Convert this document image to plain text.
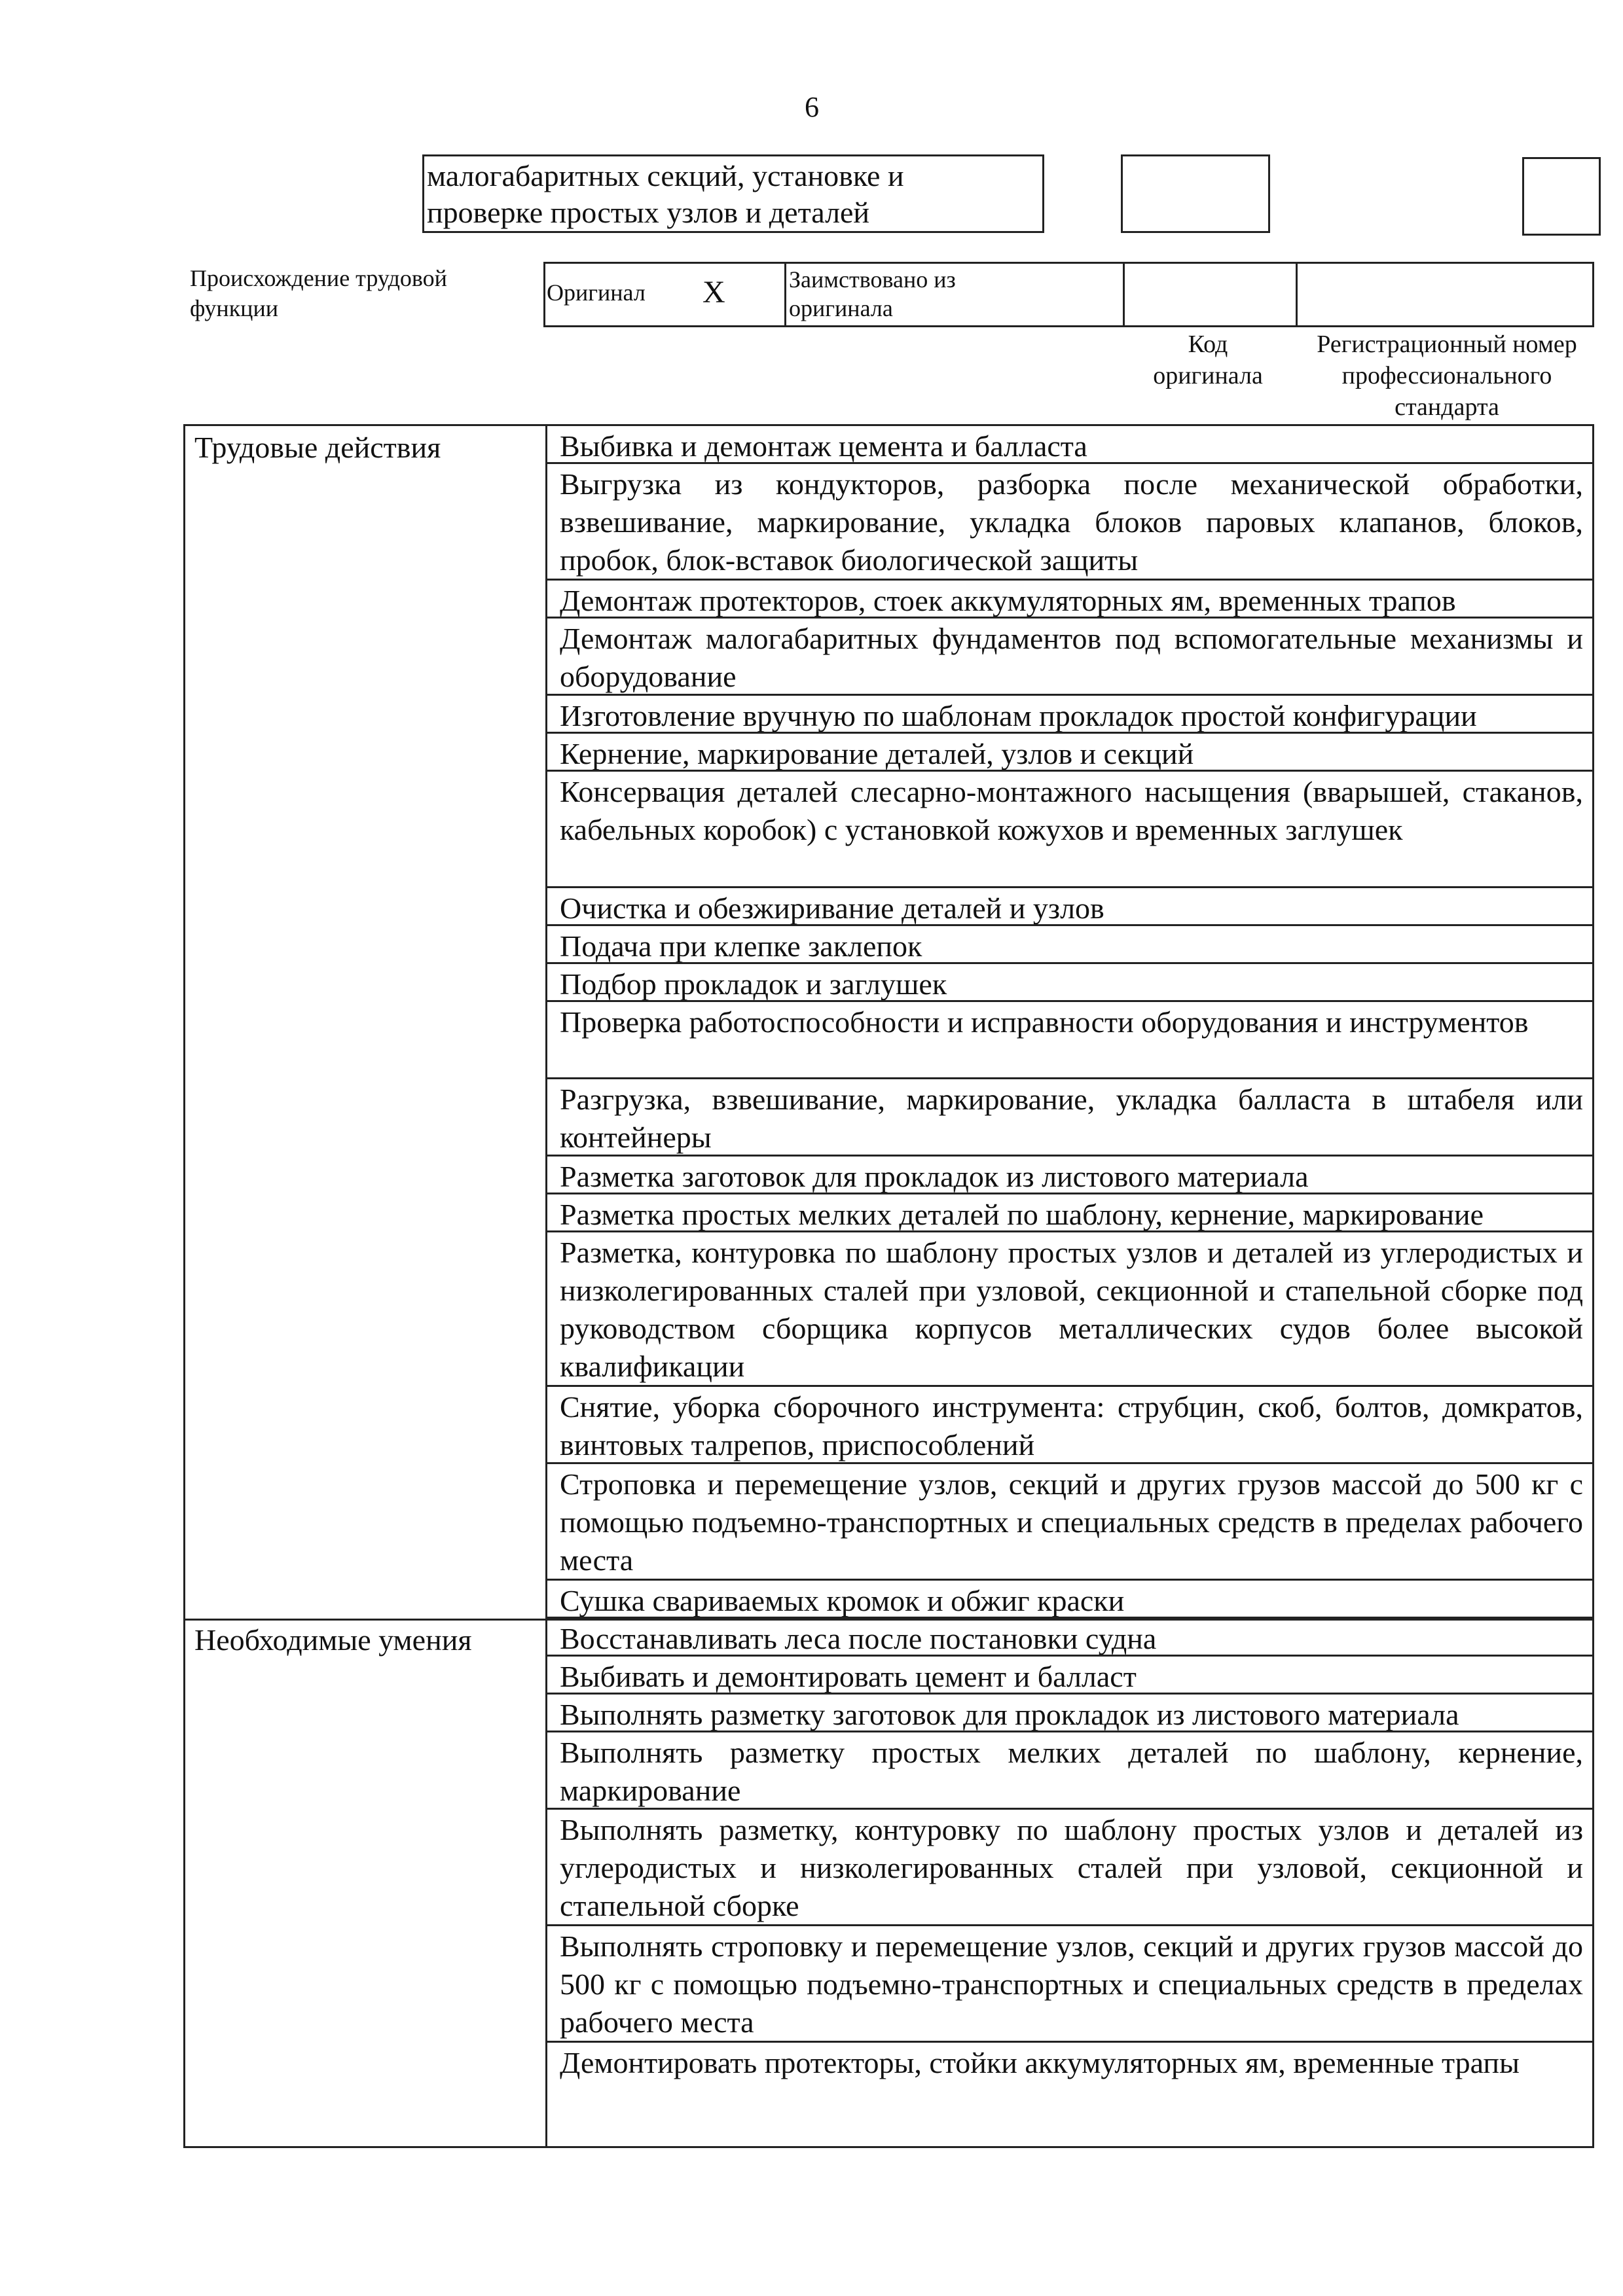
6
малогабаритных секций, установке и
проверке простых узлов и деталей
Происхождение трудовой
функции
Оригинал X	Заимствовано из
оригинала
Код
оригинала
Регистрационный номер
профессионального
стандарта
Трудовые действия	Выбивка и демонтаж цемента и балласта
Выгрузка из кондукторов, разборка после механической обработки, взвешивание, маркирование, укладка блоков паровых клапанов, блоков, пробок, блок-вставок биологической защиты
Демонтаж протекторов, стоек аккумуляторных ям, временных трапов
Демонтаж малогабаритных фундаментов под вспомогательные механизмы и оборудование
Изготовление вручную по шаблонам прокладок простой конфигурации
Кернение, маркирование деталей, узлов и секций
Консервация деталей слесарно-монтажного насыщения (вварышей, стаканов, кабельных коробок) с установкой кожухов и временных заглушек
Очистка и обезжиривание деталей и узлов
Подача при клепке заклепок
Подбор прокладок и заглушек
Проверка работоспособности и исправности оборудования и инструментов
Разгрузка, взвешивание, маркирование, укладка балласта в штабеля или контейнеры
Разметка заготовок для прокладок из листового материала
Разметка простых мелких деталей по шаблону, кернение, маркирование
Разметка, контуровка по шаблону простых узлов и деталей из углеродистых и низколегированных сталей при узловой, секционной и стапельной сборке под руководством сборщика корпусов металлических судов более высокой квалификации
Снятие, уборка сборочного инструмента: струбцин, скоб, болтов, домкратов, винтовых талрепов, приспособлений
Строповка и перемещение узлов, секций и других грузов массой до 500 кг с помощью подъемно-транспортных и специальных средств в пределах рабочего места
Сушка свариваемых кромок и обжиг краски
Необходимые умения	Восстанавливать леса после постановки судна
Выбивать и демонтировать цемент и балласт
Выполнять разметку заготовок для прокладок из листового материала
Выполнять разметку простых мелких деталей по шаблону, кернение, маркирование
Выполнять разметку, контуровку по шаблону простых узлов и деталей из углеродистых и низколегированных сталей при узловой, секционной и стапельной сборке
Выполнять строповку и перемещение узлов, секций и других грузов массой до 500 кг с помощью подъемно-транспортных и специальных средств в пределах рабочего места
Демонтировать протекторы, стойки аккумуляторных ям, временные трапы
